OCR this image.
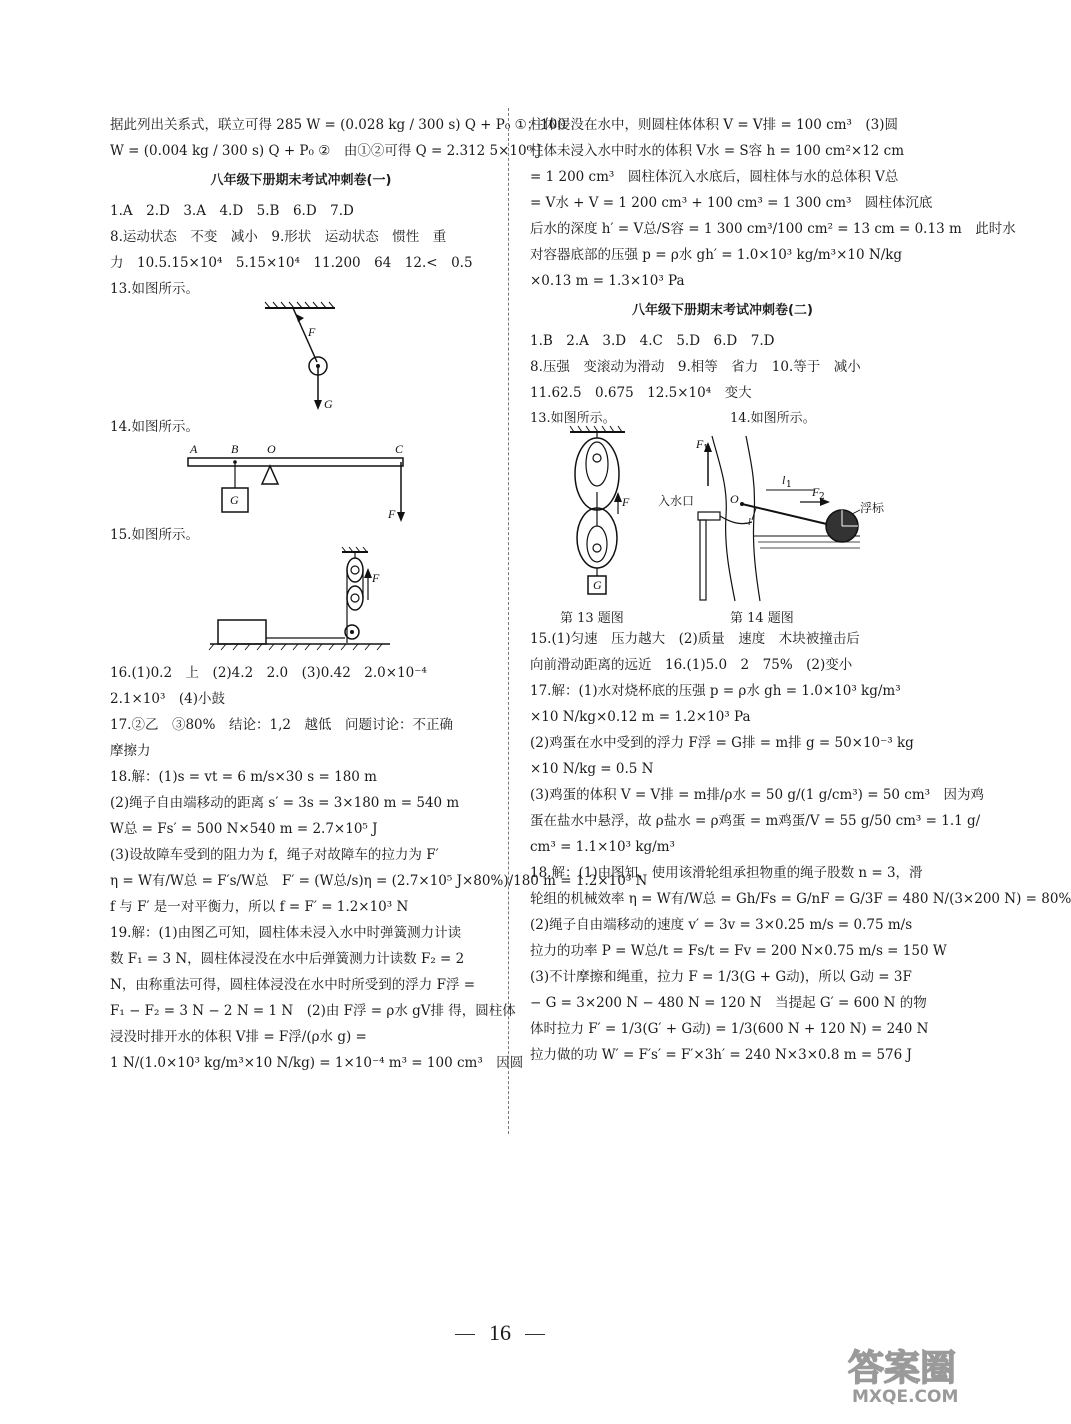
据此列出关系式，联立可得 285 W = (0.028 kg / 300 s) Q + P₀ ①；100
W = (0.004 kg / 300 s) Q + P₀ ②　由①②可得 Q = 2.312 5×10⁶ J
八年级下册期末考试冲刺卷(一)
1.A　2.D　3.A　4.D　5.B　6.D　7.D
8.运动状态　不变　减小　9.形状　运动状态　惯性　重
力　10.5.15×10⁴　5.15×10⁴　11.200　64　12.<　0.5
13.如图所示。
F
G
14.如图所示。
A	B O	C
G
F
15.如图所示。
F
16.(1)0.2　上　(2)4.2　2.0　(3)0.42　2.0×10⁻⁴
2.1×10³　(4)小鼓
17.②乙　③80%　结论：1,2　越低　问题讨论：不正确
摩擦力
18.解：(1)s = vt = 6 m/s×30 s = 180 m
(2)绳子自由端移动的距离 s′ = 3s = 3×180 m = 540 m
W总 = Fs′ = 500 N×540 m = 2.7×10⁵ J
(3)设故障车受到的阻力为 f，绳子对故障车的拉力为 F′
η = W有/W总 = F′s/W总　F′ = (W总/s)η = (2.7×10⁵ J×80%)/180 m = 1.2×10³ N
f 与 F′ 是一对平衡力，所以 f = F′ = 1.2×10³ N
19.解：(1)由图乙可知，圆柱体未浸入水中时弹簧测力计读
数 F₁ = 3 N，圆柱体浸没在水中后弹簧测力计读数 F₂ = 2
N，由称重法可得，圆柱体浸没在水中时所受到的浮力 F浮 =
F₁ − F₂ = 3 N − 2 N = 1 N　(2)由 F浮 = ρ水 gV排 得，圆柱体
浸没时排开水的体积 V排 = F浮/(ρ水 g) =
1 N/(1.0×10³ kg/m³×10 N/kg) = 1×10⁻⁴ m³ = 100 cm³　因圆
柱体浸没在水中，则圆柱体体积 V = V排 = 100 cm³　(3)圆
柱体未浸入水中时水的体积 V水 = S容 h = 100 cm²×12 cm
= 1 200 cm³　圆柱体沉入水底后，圆柱体与水的总体积 V总
= V水 + V = 1 200 cm³ + 100 cm³ = 1 300 cm³　圆柱体沉底
后水的深度 h′ = V总/S容 = 1 300 cm³/100 cm² = 13 cm = 0.13 m　此时水
对容器底部的压强 p = ρ水 gh′ = 1.0×10³ kg/m³×10 N/kg
×0.13 m = 1.3×10³ Pa
八年级下册期末考试冲刺卷(二)
1.B　2.A　3.D　4.C　5.D　6.D　7.D
8.压强　变滚动为滑动　9.相等　省力　10.等于　减小
11.62.5　0.675　12.5×10⁴　变大
13.如图所示。	14.如图所示。
F
G
F 1
入水口	O
l 1 F 2
l
浮标
第 13 题图	第 14 题图
15.(1)匀速　压力越大　(2)质量　速度　木块被撞击后
向前滑动距离的远近　16.(1)5.0　2　75%　(2)变小
17.解：(1)水对烧杯底的压强 p = ρ水 gh = 1.0×10³ kg/m³
×10 N/kg×0.12 m = 1.2×10³ Pa
(2)鸡蛋在水中受到的浮力 F浮 = G排 = m排 g = 50×10⁻³ kg
×10 N/kg = 0.5 N
(3)鸡蛋的体积 V = V排 = m排/ρ水 = 50 g/(1 g/cm³) = 50 cm³　因为鸡
蛋在盐水中悬浮，故 ρ盐水 = ρ鸡蛋 = m鸡蛋/V = 55 g/50 cm³ = 1.1 g/
cm³ = 1.1×10³ kg/m³
18.解：(1)由图知，使用该滑轮组承担物重的绳子股数 n = 3，滑
轮组的机械效率 η = W有/W总 = Gh/Fs = G/nF = G/3F = 480 N/(3×200 N) = 80%
(2)绳子自由端移动的速度 v′ = 3v = 3×0.25 m/s = 0.75 m/s
拉力的功率 P = W总/t = Fs/t = Fv = 200 N×0.75 m/s = 150 W
(3)不计摩擦和绳重，拉力 F = 1/3(G + G动)，所以 G动 = 3F
− G = 3×200 N − 480 N = 120 N　当提起 G′ = 600 N 的物
体时拉力 F′ = 1/3(G′ + G动) = 1/3(600 N + 120 N) = 240 N
拉力做的功 W′ = F′s′ = F′×3h′ = 240 N×3×0.8 m = 576 J
16
答案圈
MXQE.COM
